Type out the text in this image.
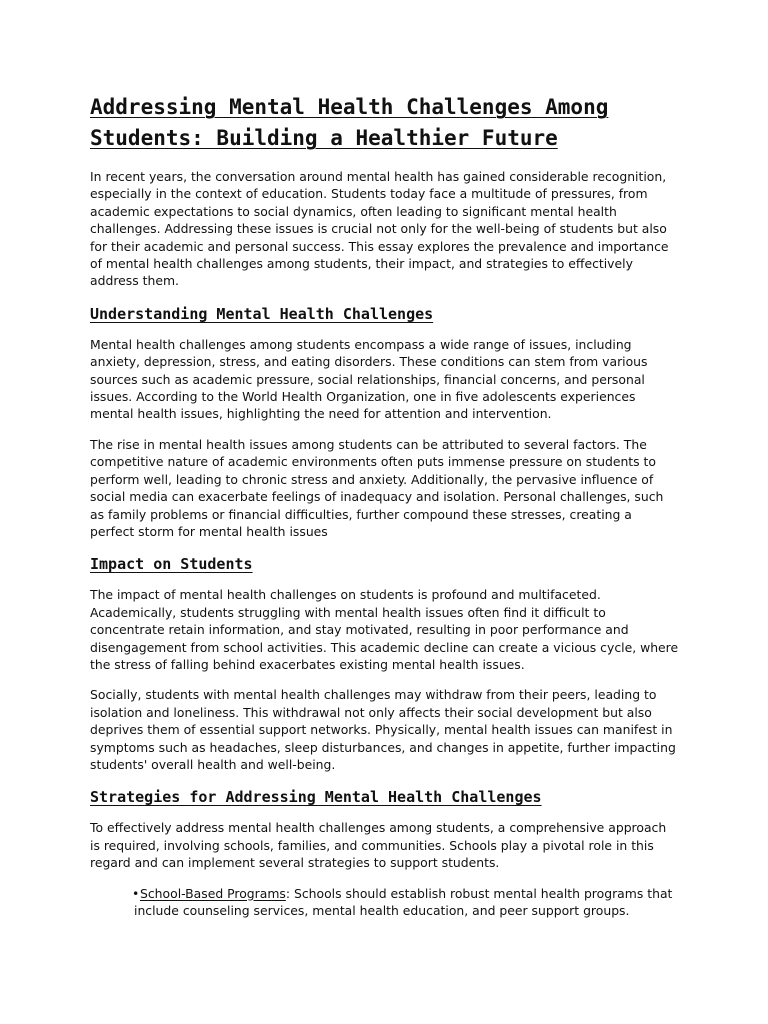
Addressing Mental Health Challenges Among Students: Building a Healthier Future

In recent years, the conversation around mental health has gained considerable recognition, especially in the context of education. Students today face a multitude of pressures, from academic expectations to social dynamics, often leading to significant mental health challenges. Addressing these issues is crucial not only for the well-being of students but also for their academic and personal success. This essay explores the prevalence and importance of mental health challenges among students, their impact, and strategies to effectively address them.

Understanding Mental Health Challenges

Mental health challenges among students encompass a wide range of issues, including anxiety, depression, stress, and eating disorders. These conditions can stem from various sources such as academic pressure, social relationships, financial concerns, and personal issues. According to the World Health Organization, one in five adolescents experiences mental health issues, highlighting the need for attention and intervention.

The rise in mental health issues among students can be attributed to several factors. The competitive nature of academic environments often puts immense pressure on students to perform well, leading to chronic stress and anxiety. Additionally, the pervasive influence of social media can exacerbate feelings of inadequacy and isolation. Personal challenges, such as family problems or financial difficulties, further compound these stresses, creating a perfect storm for mental health issues

Impact on Students

The impact of mental health challenges on students is profound and multifaceted. Academically, students struggling with mental health issues often find it difficult to concentrate retain information, and stay motivated, resulting in poor performance and disengagement from school activities. This academic decline can create a vicious cycle, where the stress of falling behind exacerbates existing mental health issues.

Socially, students with mental health challenges may withdraw from their peers, leading to isolation and loneliness. This withdrawal not only affects their social development but also deprives them of essential support networks. Physically, mental health issues can manifest in symptoms such as headaches, sleep disturbances, and changes in appetite, further impacting students' overall health and well-being.

Strategies for Addressing Mental Health Challenges

To effectively address mental health challenges among students, a comprehensive approach is required, involving schools, families, and communities. Schools play a pivotal role in this regard and can implement several strategies to support students.

• School-Based Programs: Schools should establish robust mental health programs that include counseling services, mental health education, and peer support groups.
